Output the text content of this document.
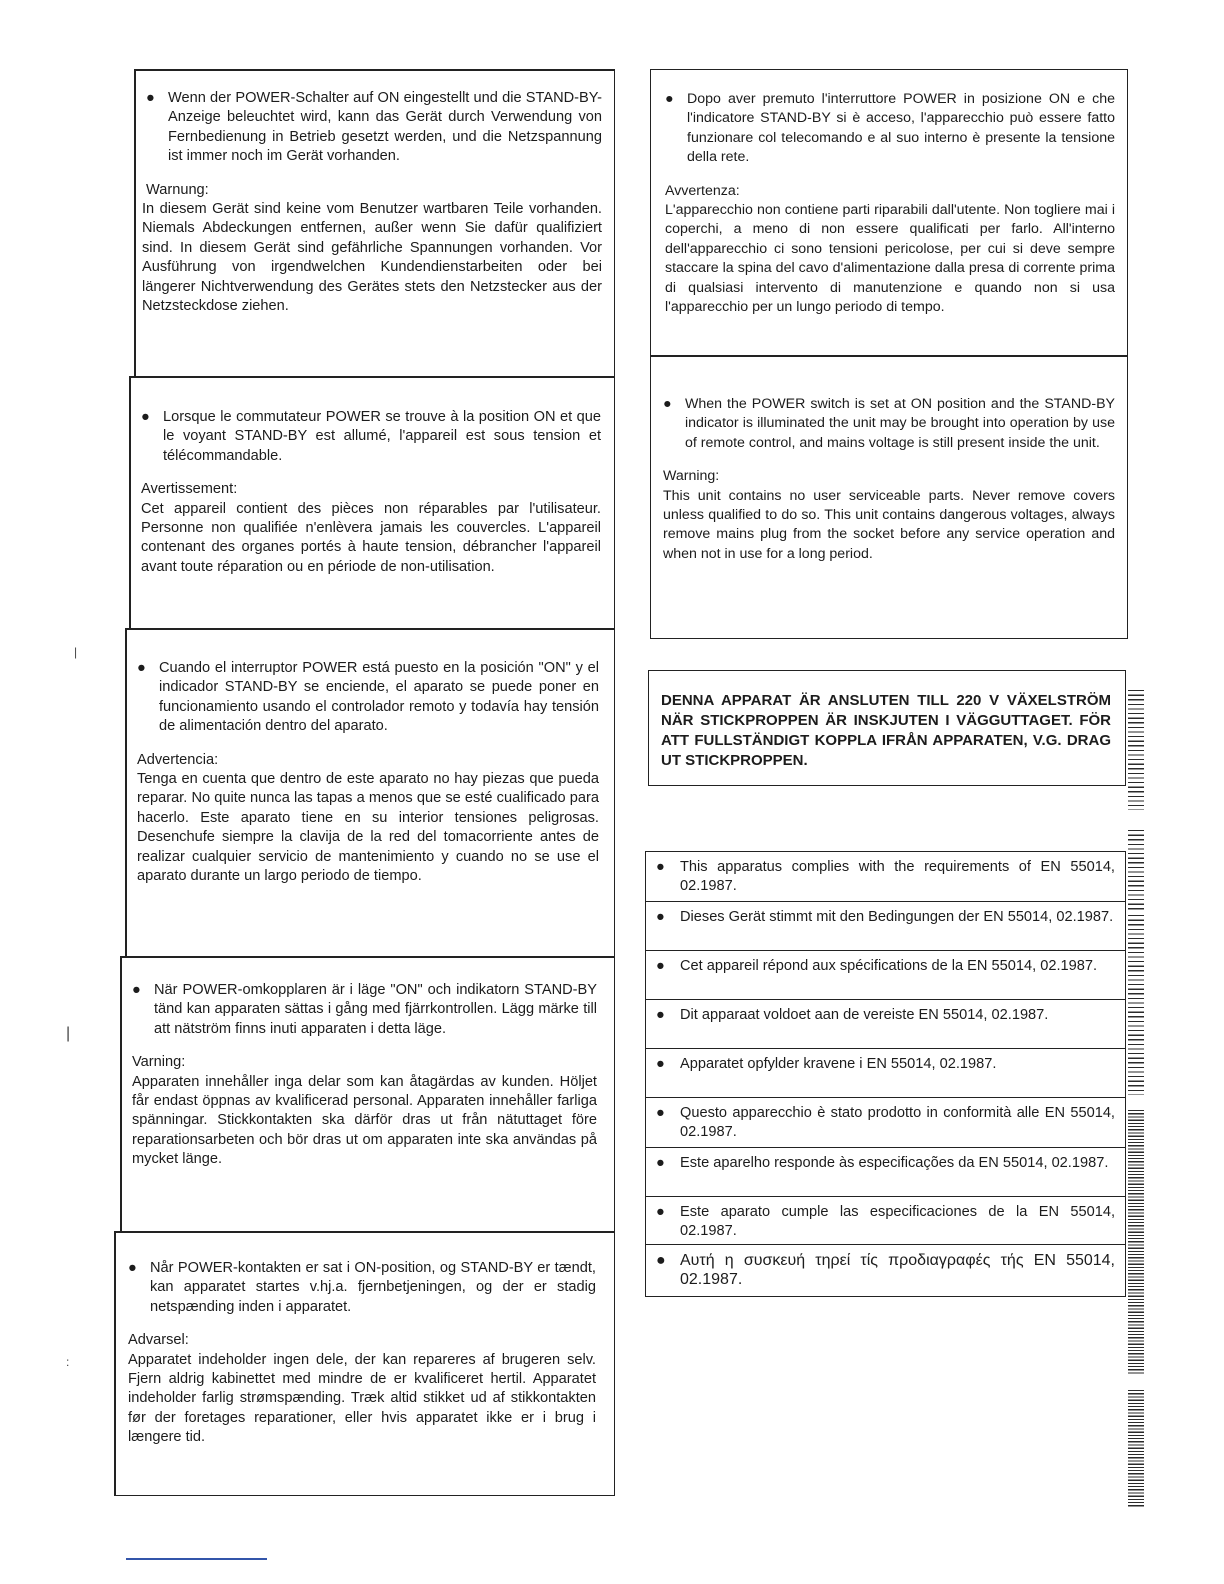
● Wenn der POWER-Schalter auf ON eingestellt und die STAND-BY-Anzeige beleuchtet wird, kann das Gerät durch Verwendung von Fernbedienung in Betrieb gesetzt werden, und die Netzspannung ist immer noch im Gerät vorhanden.
Warnung:
In diesem Gerät sind keine vom Benutzer wartbaren Teile vorhanden. Niemals Abdeckungen entfernen, außer wenn Sie dafür qualifiziert sind. In diesem Gerät sind gefährliche Spannungen vorhanden. Vor Ausführung von irgendwelchen Kundendienstarbeiten oder bei längerer Nichtverwendung des Gerätes stets den Netzstecker aus der Netzsteckdose ziehen.
● Lorsque le commutateur POWER se trouve à la position ON et que le voyant STAND-BY est allumé, l'appareil est sous tension et télécommandable.
Avertissement:
Cet appareil contient des pièces non réparables par l'utilisateur. Personne non qualifiée n'enlèvera jamais les couvercles. L'appareil contenant des organes portés à haute tension, débrancher l'appareil avant toute réparation ou en période de non-utilisation.
● Cuando el interruptor POWER está puesto en la posición "ON" y el indicador STAND-BY se enciende, el aparato se puede poner en funcionamiento usando el controlador remoto y todavía hay tensión de alimentación dentro del aparato.
Advertencia:
Tenga en cuenta que dentro de este aparato no hay piezas que pueda reparar. No quite nunca las tapas a menos que se esté cualificado para hacerlo. Este aparato tiene en su interior tensiones peligrosas. Desenchufe siempre la clavija de la red del tomacorriente antes de realizar cualquier servicio de mantenimiento y cuando no se use el aparato durante un largo periodo de tiempo.
● När POWER-omkopplaren är i läge "ON" och indikatorn STAND-BY tänd kan apparaten sättas i gång med fjärrkontrollen. Lägg märke till att nätström finns inuti apparaten i detta läge.
Varning:
Apparaten innehåller inga delar som kan åtagärdas av kunden. Höljet får endast öppnas av kvalificerad personal. Apparaten innehåller farliga spänningar. Stickkontakten ska därför dras ut från nätuttaget före reparationsarbeten och bör dras ut om apparaten inte ska användas på mycket länge.
● Når POWER-kontakten er sat i ON-position, og STAND-BY er tændt, kan apparatet startes v.hj.a. fjernbetjeningen, og der er stadig netspænding inden i apparatet.
Advarsel:
Apparatet indeholder ingen dele, der kan repareres af brugeren selv. Fjern aldrig kabinettet med mindre de er kvalificeret hertil. Apparatet indeholder farlig strømspænding. Træk altid stikket ud af stikkontakten før der foretages reparationer, eller hvis apparatet ikke er i brug i længere tid.
● Dopo aver premuto l'interruttore POWER in posizione ON e che l'indicatore STAND-BY si è acceso, l'apparecchio può essere fatto funzionare col telecomando e al suo interno è presente la tensione della rete.
Avvertenza:
L'apparecchio non contiene parti riparabili dall'utente. Non togliere mai i coperchi, a meno di non essere qualificati per farlo. All'interno dell'apparecchio ci sono tensioni pericolose, per cui si deve sempre staccare la spina del cavo d'alimentazione dalla presa di corrente prima di qualsiasi intervento di manutenzione e quando non si usa l'apparecchio per un lungo periodo di tempo.
● When the POWER switch is set at ON position and the STAND-BY indicator is illuminated the unit may be brought into operation by use of remote control, and mains voltage is still present inside the unit.
Warning:
This unit contains no user serviceable parts. Never remove covers unless qualified to do so. This unit contains dangerous voltages, always remove mains plug from the socket before any service operation and when not in use for a long period.
DENNA APPARAT ÄR ANSLUTEN TILL 220 V VÄXELSTRÖM NÄR STICKPROPPEN ÄR INSKJUTEN I VÄGGUTTAGET. FÖR ATT FULLSTÄNDIGT KOPPLA IFRÅN APPARATEN, V.G. DRAG UT STICKPROPPEN.
● This apparatus complies with the requirements of EN 55014, 02.1987.
● Dieses Gerät stimmt mit den Bedingungen der EN 55014, 02.1987.
● Cet appareil répond aux spécifications de la EN 55014, 02.1987.
● Dit apparaat voldoet aan de vereiste EN 55014, 02.1987.
● Apparatet opfylder kravene i EN 55014, 02.1987.
● Questo apparecchio è stato prodotto in conformità alle EN 55014, 02.1987.
● Este aparelho responde às especificações da EN 55014, 02.1987.
● Este aparato cumple las especificaciones de la EN 55014, 02.1987.
● Αυτή η συσκευή τηρεί τίς προδιαγραφές τής EN 55014, 02.1987.
|
|
:
